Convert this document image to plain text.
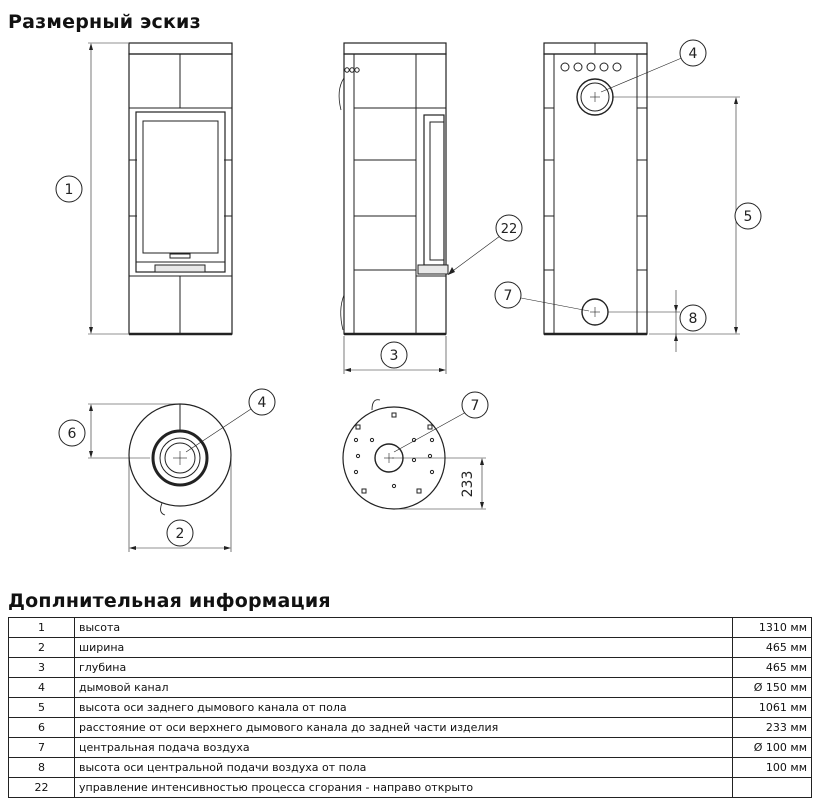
Размерный эскиз
1
3
22
4
5
7
8
4
6
2
233
7
Доплнительная информация
1	высота	1310 мм
2	ширина	465 мм
3	глубина	465 мм
4	дымовой канал	Ø 150 мм
5	высота оси заднего дымового канала от пола	1061 мм
6	расстояние от оси верхнего дымового канала до задней части изделия	233 мм
7	центральная подача воздуха	Ø 100 мм
8	высота оси центральной подачи воздуха от пола	100 мм
22	управление интенсивностью процесса сгорания - направо открыто	
